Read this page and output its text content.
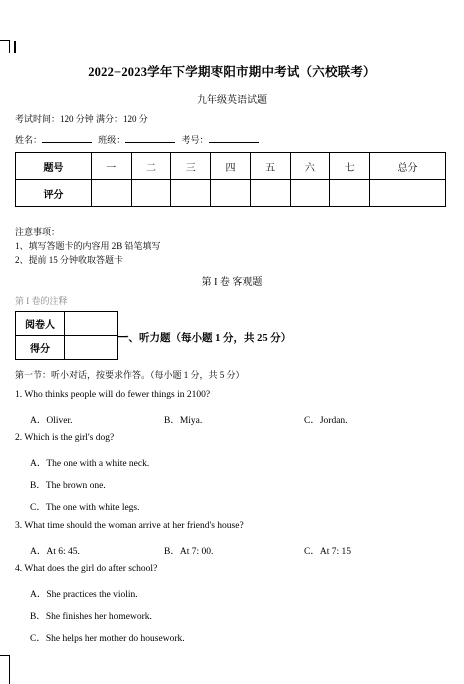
2022−2023学年下学期枣阳市期中考试（六校联考）
九年级英语试题
考试时间：120 分钟 满分：120 分
姓名：	班级：	考号：
题号	一	二	三	四	五	六	七	总分
评分								
注意事项：
1、填写答题卡的内容用 2B 铅笔填写
2、提前 15 分钟收取答题卡
第 I 卷 客观题
第 I 卷的注释
阅卷人	
得分	
一、听力题（每小题 1 分，共 25 分）
第一节：听小对话，按要求作答。（每小题 1 分，共 5 分）
1. Who thinks people will do fewer things in 2100?
A．Oliver.	B．Miya.	C．Jordan.
2. Which is the girl's dog?
A．The one with a white neck.
B．The brown one.
C．The one with white legs.
3. What time should the woman arrive at her friend's house?
A．At 6: 45.	B．At 7: 00.	C．At 7: 15
4. What does the girl do after school?
A．She practices the violin.
B．She finishes her homework.
C．She helps her mother do housework.
